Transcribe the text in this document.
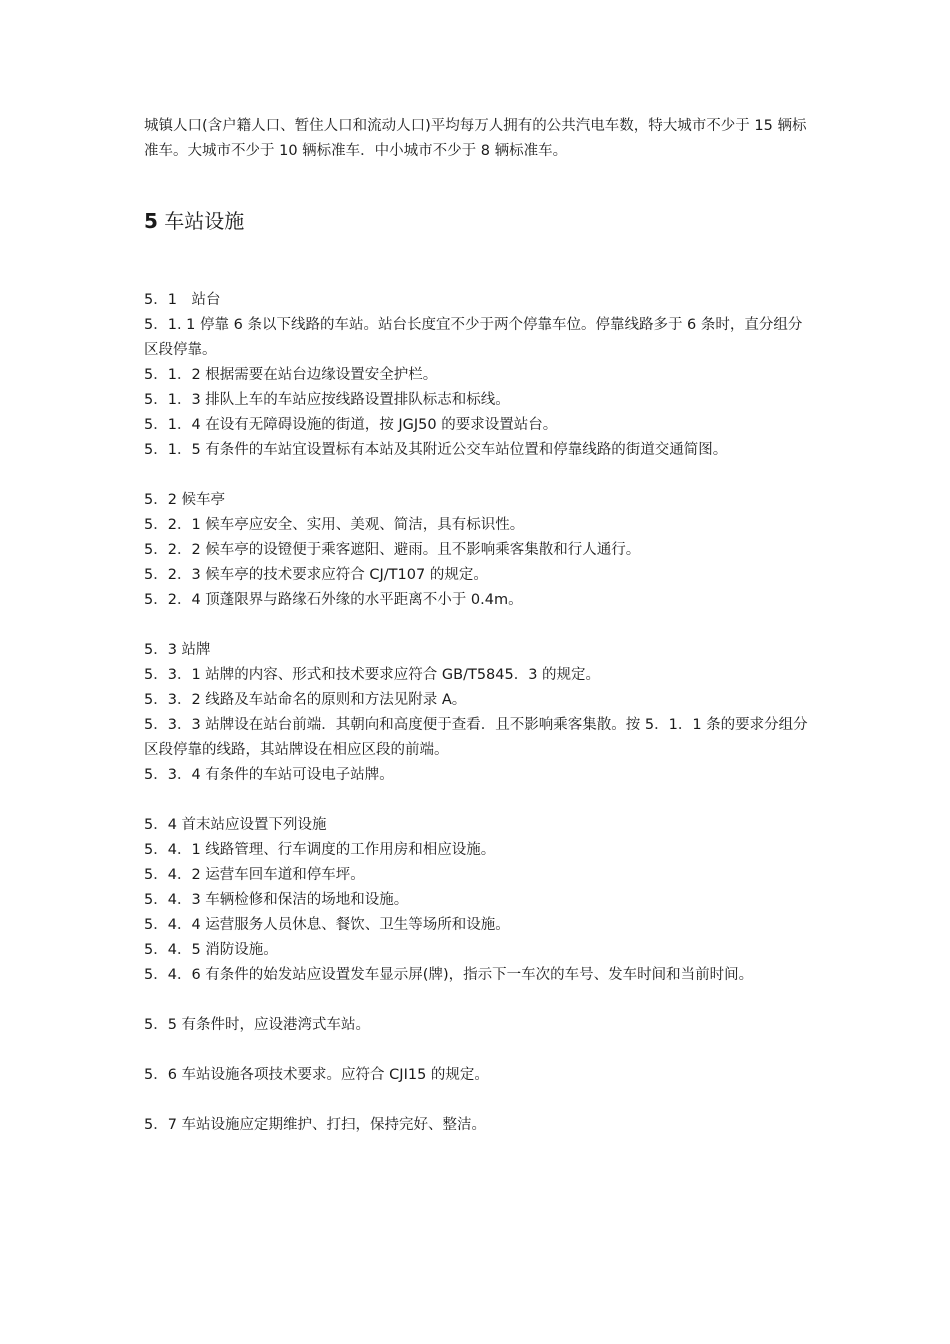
城镇人口(含户籍人口、暂住人口和流动人口)平均每万人拥有的公共汽电车数，特大城市不少于 15 辆标准车。大城市不少于 10 辆标准车．中小城市不少于 8 辆标准车。

5 车站设施

5．1　站台

5．1. 1 停靠 6 条以下线路的车站。站台长度宜不少于两个停靠车位。停靠线路多于 6 条时，直分组分区段停靠。

5．1．2 根据需要在站台边缘设置安全护栏。

5．1．3 排队上车的车站应按线路设置排队标志和标线。

5．1．4 在设有无障碍设施的街道，按 JGJ50 的要求设置站台。

5．1．5 有条件的车站宜设置标有本站及其附近公交车站位置和停靠线路的街道交通简图。

5．2 候车亭

5．2．1 候车亭应安全、实用、美观、简洁，具有标识性。

5．2．2 候车亭的设镫便于乘客遮阳、避雨。且不影响乘客集散和行人通行。

5．2．3 候车亭的技术要求应符合 CJ/T107 的规定。

5．2．4 顶蓬限界与路缘石外缘的水平距离不小于 0.4m。

5．3 站牌

5．3．1 站牌的内容、形式和技术要求应符合 GB/T5845．3 的规定。

5．3．2 线路及车站命名的原则和方法见附录 A。

5．3．3 站牌设在站台前端．其朝向和高度便于查看．且不影响乘客集散。按 5．1．1 条的要求分组分区段停靠的线路，其站牌设在相应区段的前端。

5．3．4 有条件的车站可设电子站牌。

5．4 首末站应设置下列设施

5．4．1 线路管理、行车调度的工作用房和相应设施。

5．4．2 运营车回车道和停车坪。

5．4．3 车辆检修和保洁的场地和设施。

5．4．4 运营服务人员休息、餐饮、卫生等场所和设施。

5．4．5 消防设施。

5．4．6 有条件的始发站应设置发车显示屏(牌)，指示下一车次的车号、发车时间和当前时间。

5．5 有条件时，应设港湾式车站。

5．6 车站设施各项技术要求。应符合 CJI15 的规定。

5．7 车站设施应定期维护、打扫，保持完好、整洁。
